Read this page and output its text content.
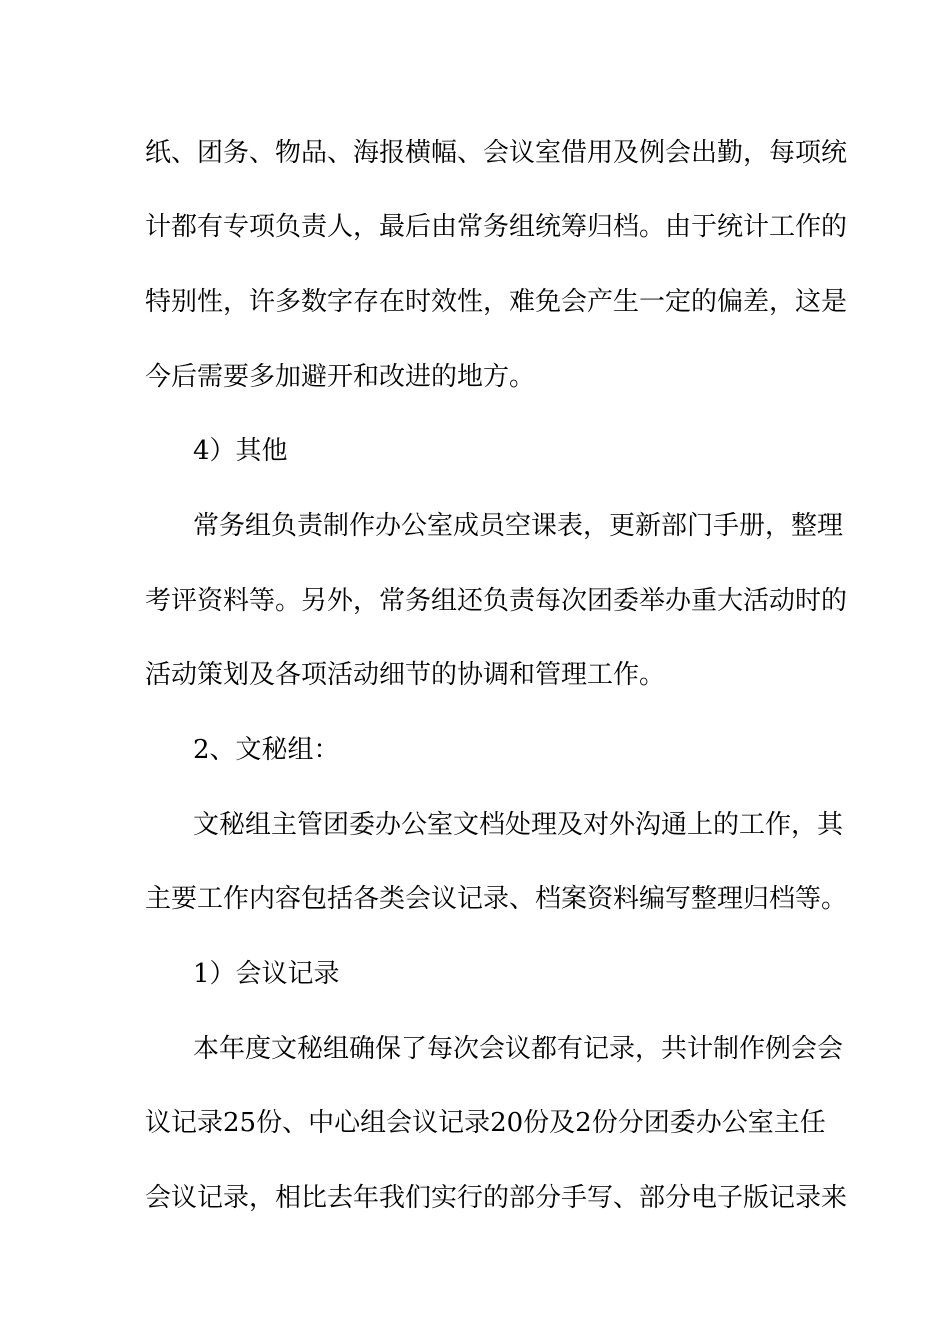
纸、团务、物品、海报横幅、会议室借用及例会出勤，每项统
计都有专项负责人，最后由常务组统筹归档。由于统计工作的
特别性，许多数字存在时效性，难免会产生一定的偏差，这是
今后需要多加避开和改进的地方。
4）其他
常务组负责制作办公室成员空课表，更新部门手册，整理
考评资料等。另外，常务组还负责每次团委举办重大活动时的
活动策划及各项活动细节的协调和管理工作。
2、文秘组：
文秘组主管团委办公室文档处理及对外沟通上的工作，其
主要工作内容包括各类会议记录、档案资料编写整理归档等。
1）会议记录
本年度文秘组确保了每次会议都有记录，共计制作例会会
议记录25份、中心组会议记录20份及2份分团委办公室主任
会议记录，相比去年我们实行的部分手写、部分电子版记录来
